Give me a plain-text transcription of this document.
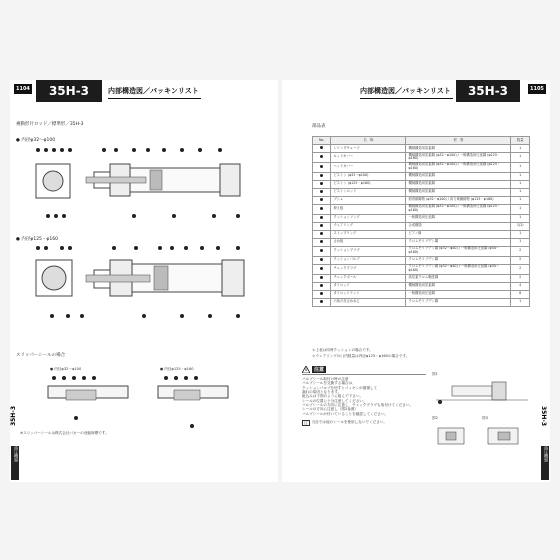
1104	35H-3	内部構造図／パッキンリスト
複動形片ロッド／標準形／35H-3
● 内径φ32～φ100
● 内径φ125・φ160
スリッパーシールの場合
● 内径φ32～φ100	● 内径φ125・φ160
※スリッパーシールは株式会社パカーの登録商標です。
35H-3
油圧機器
内部構造図／パッキンリスト	35H-3	1105
部品表
No.	名　称	材　質	数量
	シリンダチューブ	機械構造用炭素鋼	1
	ロッドカバー	機械構造用炭素鋼 (φ32～φ100) / 一般構造用圧延鋼 (φ125・φ160)	1
	ヘッドカバー	機械構造用炭素鋼 (φ32～φ100) / 一般構造用圧延鋼 (φ125・φ160)	1
	ピストン (φ32～φ100)	機械構造用炭素鋼	1
	ピストン (φ125・φ160)	機械構造用炭素鋼	1
	ピストンロッド	機械構造用炭素鋼	1
	ブシュ	鉛青銅鋳物 (φ32～φ100) / 高力黄銅鋳物 (φ125・φ160)	1
	押え板	機械構造用炭素鋼 (φ32～φ100) / 一般構造用圧延鋼 (φ125・φ160)	1
	クッションリング	一般構造用圧延鋼	1
	ウェアリング	合成樹脂	1(2)
	ストップリング	ピアノ線	1
	止め板	クロムモリブデン鋼	1
	クッションプラグ	クロムモリブデン鋼 (φ32～φ40) / 一般構造用圧延鋼 (φ50～φ160)	2
	クッションバルブ	クロムモリブデン鋼	2
	チェックプラグ	クロムモリブデン鋼 (φ32～φ40) / 一般構造用圧延鋼 (φ50～φ160)	2
	チェックボール	高炭素クロム軸受鋼	2
	タイロッド	機械構造用炭素鋼	4
	タイロッドナット	一般構造用圧延鋼	8
	六角穴付止めねじ	クロムモリブデン鋼	1
＊上表は同時クッションの場合です。
＊ウェアリングの( )内数量は内径φ125・φ160の場合です。
注意
バルブシール取付け時の注意
バルブシールを交換する場合は、
クッションバルブを回すとパッキンが損傷して
漏れの原因となります。
組込みは下図のように組んで下さい。
シールの位置に十分注意してください。
バルブシールの方向に注意し、チェックプラグも取付けてください。
シールの方向に注意し（図2参照）
バルブシールが付いていることを確認してください。
注	当社では他のシールを使用しないでください。
図1
図2	図3	35H-3
油圧機器
